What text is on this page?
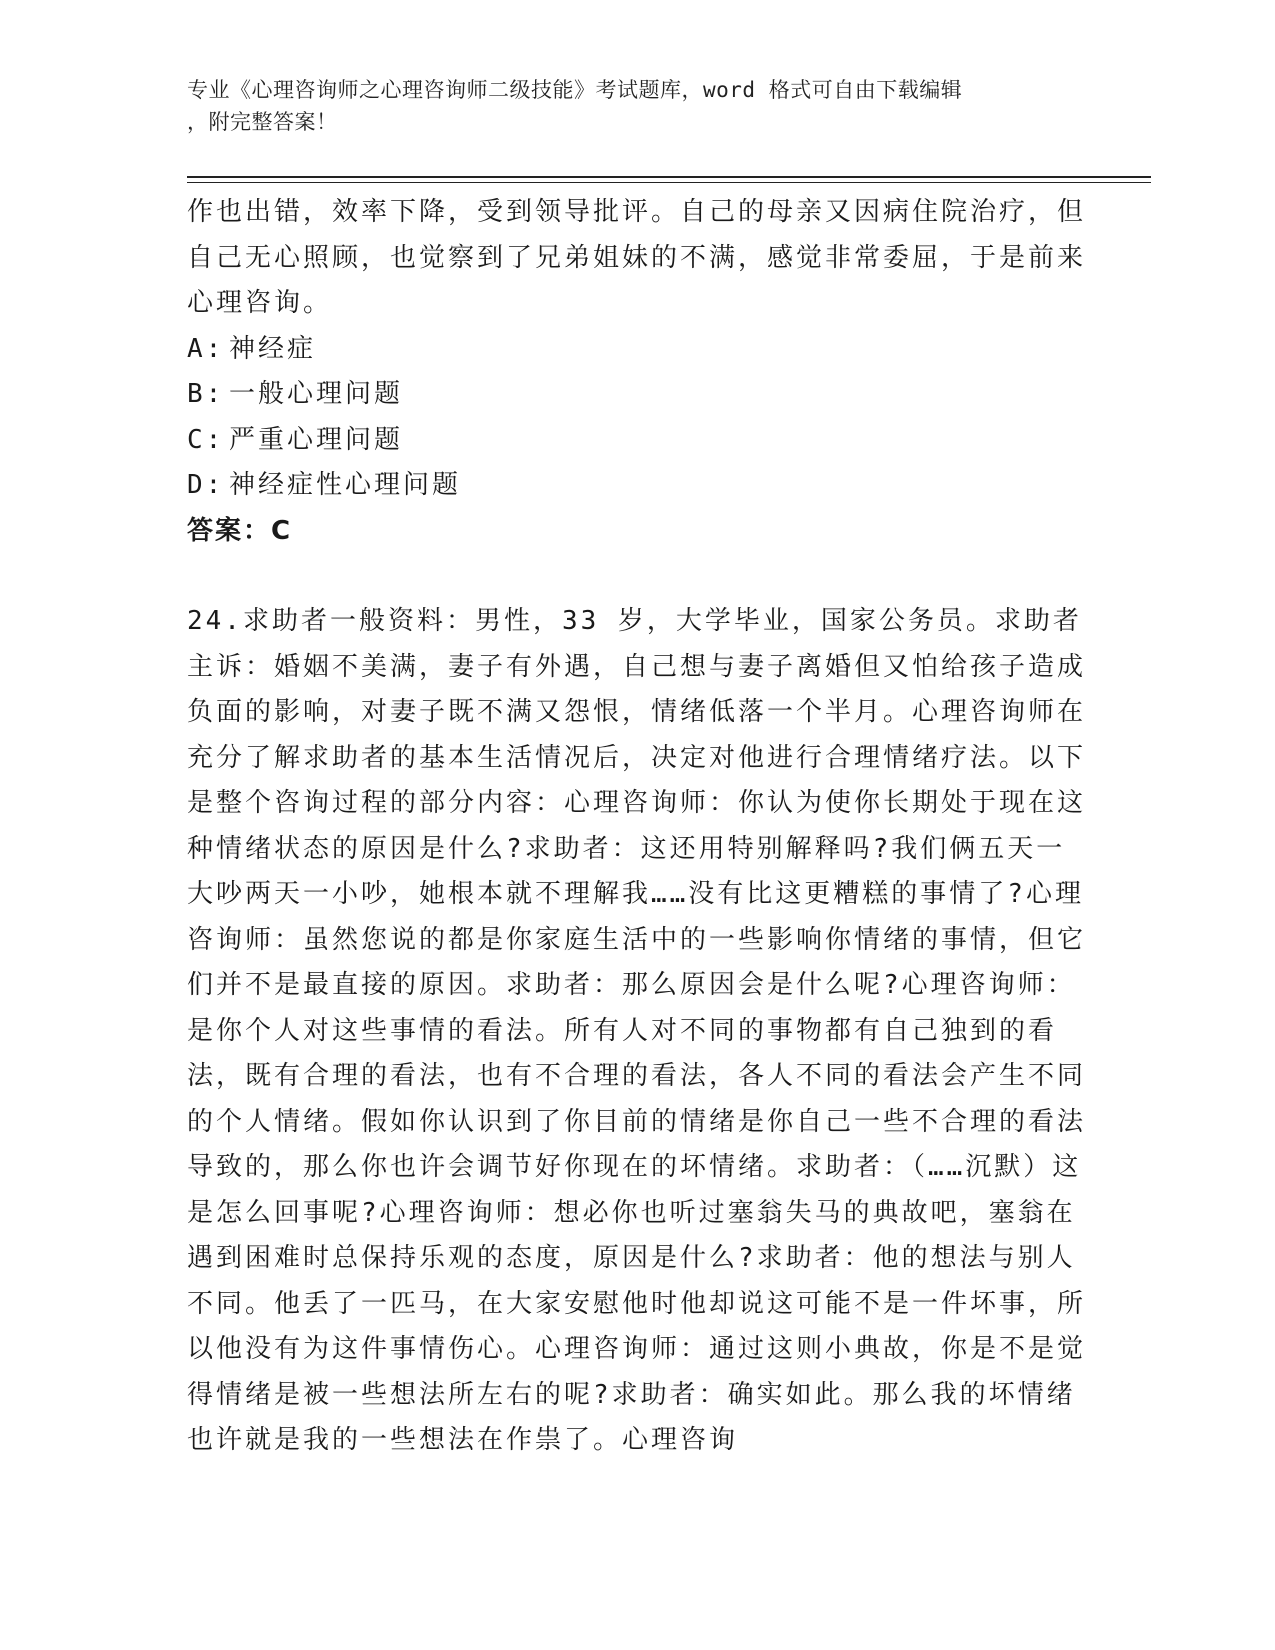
专业《心理咨询师之心理咨询师二级技能》考试题库，word 格式可自由下载编辑
，附完整答案！

作也出错，效率下降，受到领导批评。自己的母亲又因病住院治疗，但自己无心照顾，也觉察到了兄弟姐妹的不满，感觉非常委屈，于是前来心理咨询。

A: 神经症

B: 一般心理问题

C: 严重心理问题

D: 神经症性心理问题

答案：C

24.求助者一般资料：男性，33 岁，大学毕业，国家公务员。求助者主诉：婚姻不美满，妻子有外遇，自己想与妻子离婚但又怕给孩子造成负面的影响，对妻子既不满又怨恨，情绪低落一个半月。心理咨询师在充分了解求助者的基本生活情况后，决定对他进行合理情绪疗法。以下是整个咨询过程的部分内容：心理咨询师：你认为使你长期处于现在这种情绪状态的原因是什么?求助者：这还用特别解释吗?我们俩五天一大吵两天一小吵，她根本就不理解我……没有比这更糟糕的事情了?心理咨询师：虽然您说的都是你家庭生活中的一些影响你情绪的事情，但它们并不是最直接的原因。求助者：那么原因会是什么呢?心理咨询师：是你个人对这些事情的看法。所有人对不同的事物都有自己独到的看法，既有合理的看法，也有不合理的看法，各人不同的看法会产生不同的个人情绪。假如你认识到了你目前的情绪是你自己一些不合理的看法导致的，那么你也许会调节好你现在的坏情绪。求助者：（……沉默）这是怎么回事呢?心理咨询师：想必你也听过塞翁失马的典故吧，塞翁在遇到困难时总保持乐观的态度，原因是什么?求助者：他的想法与别人不同。他丢了一匹马，在大家安慰他时他却说这可能不是一件坏事，所以他没有为这件事情伤心。心理咨询师：通过这则小典故，你是不是觉得情绪是被一些想法所左右的呢?求助者：确实如此。那么我的坏情绪也许就是我的一些想法在作祟了。心理咨询
